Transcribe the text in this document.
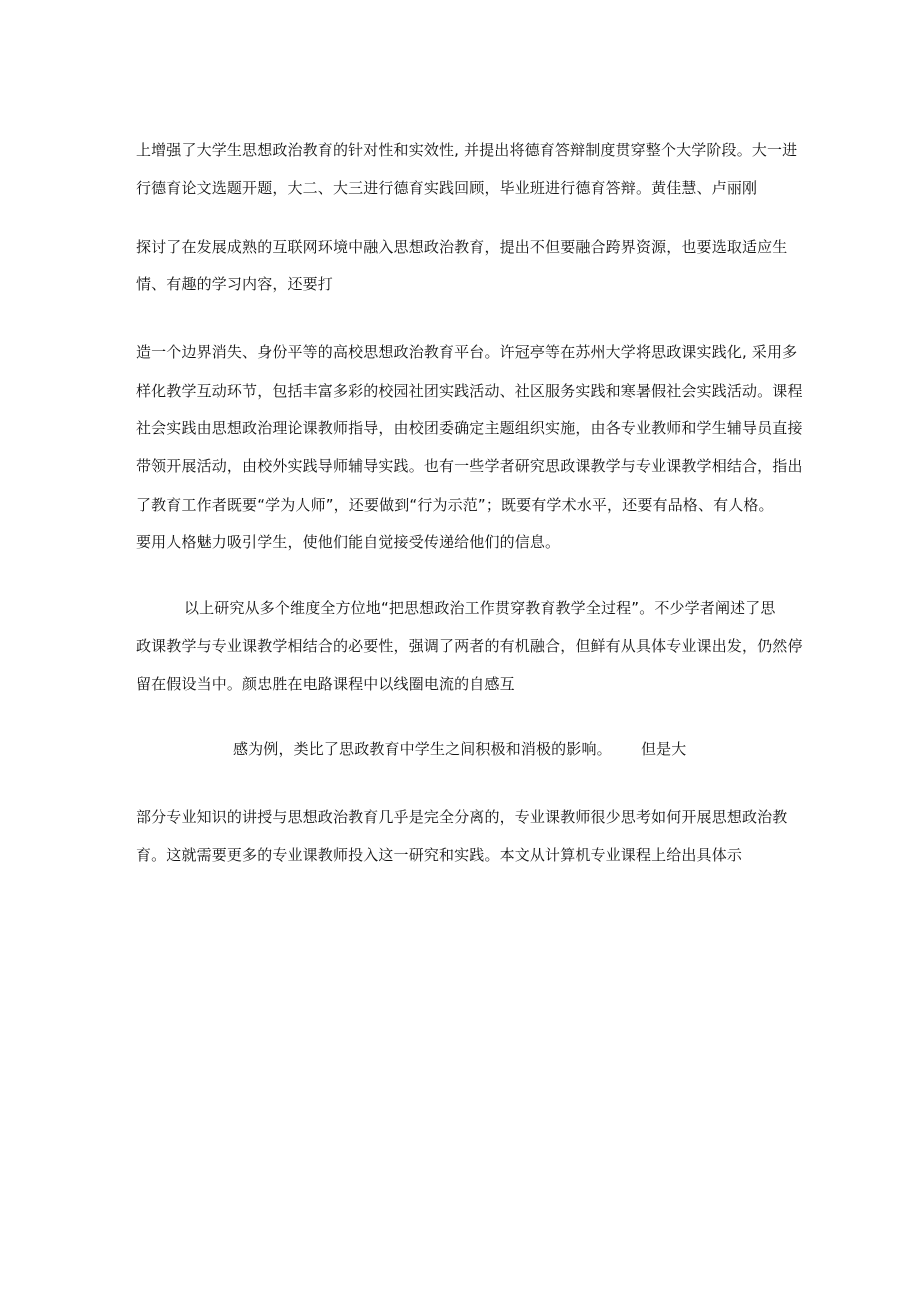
上增强了大学生思想政治教育的针对性和实效性, 并提出将德育答辩制度贯穿整个大学阶段。大一进
行德育论文选题开题，大二、大三进行德育实践回顾，毕业班进行德育答辩。黄佳慧、卢丽刚
探讨了在发展成熟的互联网环境中融入思想政治教育，提出不但要融合跨界资源，也要选取适应生
情、有趣的学习内容，还要打
造一个边界消失、身份平等的高校思想政治教育平台。许冠亭等在苏州大学将思政课实践化, 采用多
样化教学互动环节，包括丰富多彩的校园社团实践活动、社区服务实践和寒暑假社会实践活动。课程
社会实践由思想政治理论课教师指导，由校团委确定主题组织实施，由各专业教师和学生辅导员直接
带领开展活动，由校外实践导师辅导实践。也有一些学者研究思政课教学与专业课教学相结合，指出
了教育工作者既要“学为人师”，还要做到“行为示范”；既要有学术水平，还要有品格、有人格。
要用人格魅力吸引学生，使他们能自觉接受传递给他们的信息。
以上研究从多个维度全方位地“把思想政治工作贯穿教育教学全过程”。不少学者阐述了思
政课教学与专业课教学相结合的必要性，强调了两者的有机融合，但鲜有从具体专业课出发，仍然停
留在假设当中。颜忠胜在电路课程中以线圈电流的自感互
感为例，类比了思政教育中学生之间积极和消极的影响。 但是大
部分专业知识的讲授与思想政治教育几乎是完全分离的，专业课教师很少思考如何开展思想政治教
育。这就需要更多的专业课教师投入这一研究和实践。本文从计算机专业课程上给出具体示
